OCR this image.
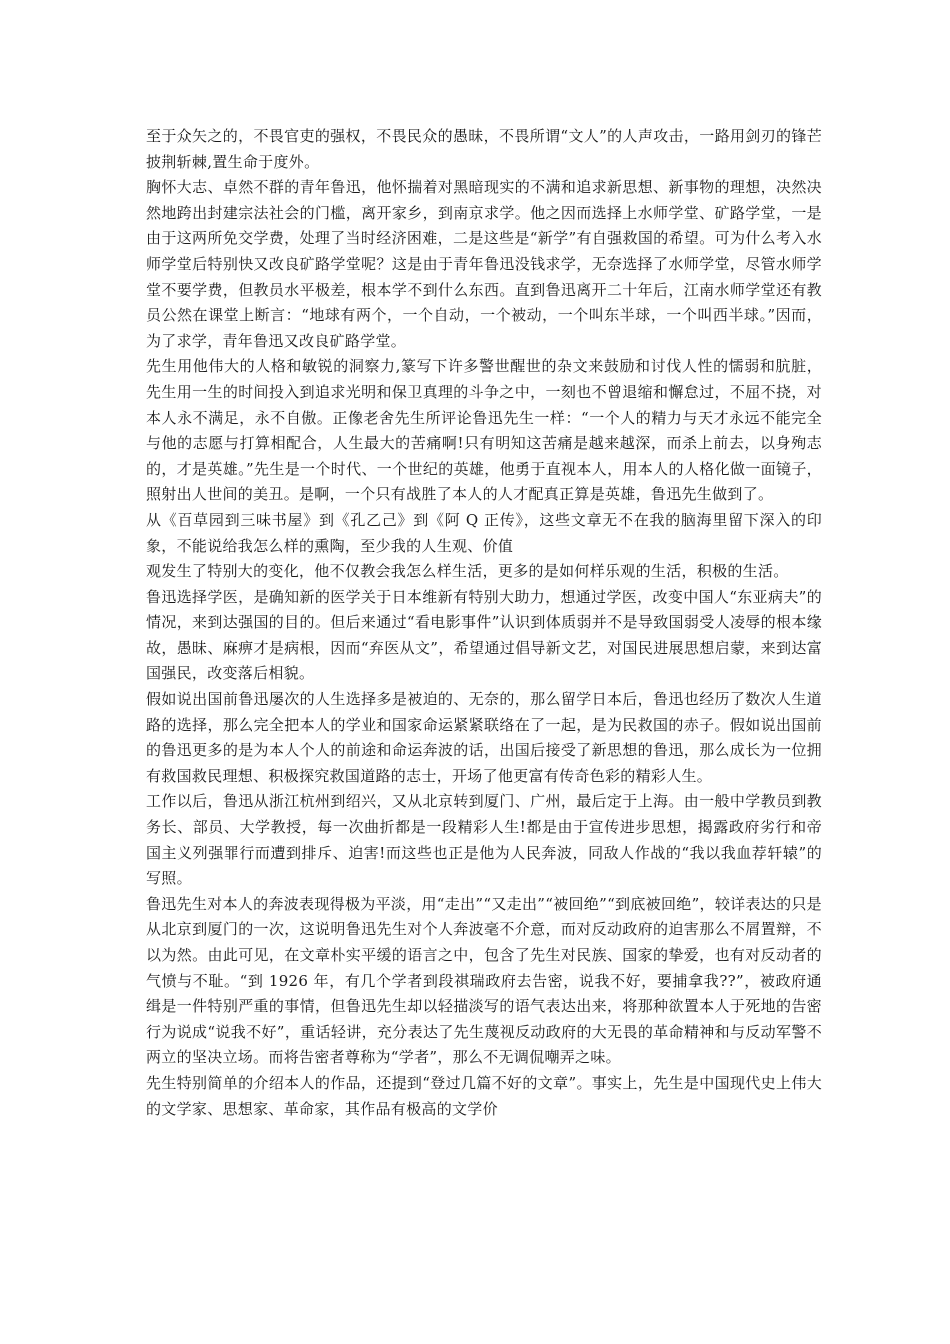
至于众矢之的，不畏官吏的强权，不畏民众的愚昧，不畏所谓“文人”的人声攻击，一路用剑刃的锋芒披荆斩棘,置生命于度外。

胸怀大志、卓然不群的青年鲁迅，他怀揣着对黑暗现实的不满和追求新思想、新事物的理想，决然决然地跨出封建宗法社会的门槛，离开家乡，到南京求学。他之因而选择上水师学堂、矿路学堂，一是由于这两所免交学费，处理了当时经济困难，二是这些是“新学”有自强救国的希望。可为什么考入水师学堂后特别快又改良矿路学堂呢？这是由于青年鲁迅没钱求学，无奈选择了水师学堂，尽管水师学堂不要学费，但教员水平极差，根本学不到什么东西。直到鲁迅离开二十年后，江南水师学堂还有教员公然在课堂上断言：“地球有两个，一个自动，一个被动，一个叫东半球，一个叫西半球。”因而，为了求学，青年鲁迅又改良矿路学堂。

先生用他伟大的人格和敏锐的洞察力,篆写下许多警世醒世的杂文来鼓励和讨伐人性的懦弱和肮脏，先生用一生的时间投入到追求光明和保卫真理的斗争之中，一刻也不曾退缩和懈怠过，不屈不挠，对本人永不满足，永不自傲。正像老舍先生所评论鲁迅先生一样：“一个人的精力与天才永远不能完全与他的志愿与打算相配合，人生最大的苦痛啊!只有明知这苦痛是越来越深，而杀上前去，以身殉志的，才是英雄。”先生是一个时代、一个世纪的英雄，他勇于直视本人，用本人的人格化做一面镜子，照射出人世间的美丑。是啊，一个只有战胜了本人的人才配真正算是英雄，鲁迅先生做到了。

从《百草园到三味书屋》到《孔乙己》到《阿 Q 正传》，这些文章无不在我的脑海里留下深入的印象，不能说给我怎么样的熏陶，至少我的人生观、价值

观发生了特别大的变化，他不仅教会我怎么样生活，更多的是如何样乐观的生活，积极的生活。

鲁迅选择学医，是确知新的医学关于日本维新有特别大助力，想通过学医，改变中国人“东亚病夫”的情况，来到达强国的目的。但后来通过“看电影事件”认识到体质弱并不是导致国弱受人凌辱的根本缘故，愚昧、麻痹才是病根，因而“弃医从文”，希望通过倡导新文艺，对国民进展思想启蒙，来到达富国强民，改变落后相貌。

假如说出国前鲁迅屡次的人生选择多是被迫的、无奈的，那么留学日本后，鲁迅也经历了数次人生道路的选择，那么完全把本人的学业和国家命运紧紧联络在了一起，是为民救国的赤子。假如说出国前的鲁迅更多的是为本人个人的前途和命运奔波的话，出国后接受了新思想的鲁迅，那么成长为一位拥有救国救民理想、积极探究救国道路的志士，开场了他更富有传奇色彩的精彩人生。

工作以后，鲁迅从浙江杭州到绍兴，又从北京转到厦门、广州，最后定于上海。由一般中学教员到教务长、部员、大学教授，每一次曲折都是一段精彩人生!都是由于宣传进步思想，揭露政府劣行和帝国主义列强罪行而遭到排斥、迫害!而这些也正是他为人民奔波，同敌人作战的“我以我血荐轩辕”的写照。

鲁迅先生对本人的奔波表现得极为平淡，用“走出”“又走出”“被回绝”“到底被回绝”，较详表达的只是从北京到厦门的一次，这说明鲁迅先生对个人奔波毫不介意，而对反动政府的迫害那么不屑置辩，不以为然。由此可见，在文章朴实平缓的语言之中，包含了先生对民族、国家的挚爱，也有对反动者的气愤与不耻。“到 1926 年，有几个学者到段祺瑞政府去告密，说我不好，要捕拿我??”，被政府通缉是一件特别严重的事情，但鲁迅先生却以轻描淡写的语气表达出来，将那种欲置本人于死地的告密行为说成“说我不好”，重话轻讲，充分表达了先生蔑视反动政府的大无畏的革命精神和与反动军警不两立的坚决立场。而将告密者尊称为“学者”，那么不无调侃嘲弄之味。

先生特别简单的介绍本人的作品，还提到“登过几篇不好的文章”。事实上，先生是中国现代史上伟大的文学家、思想家、革命家，其作品有极高的文学价
